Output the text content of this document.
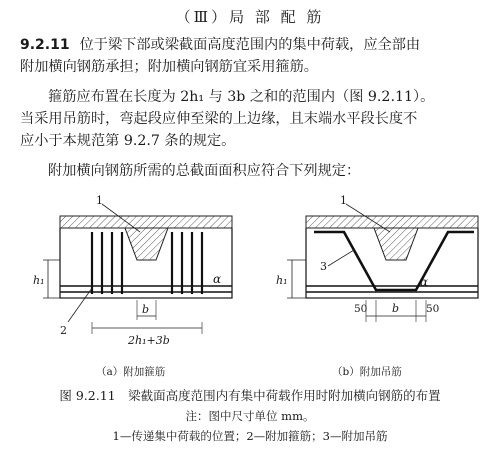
（Ⅲ）局 部 配 筋
9.2.11 位于梁下部或梁截面高度范围内的集中荷载，应全部由
附加横向钢筋承担；附加横向钢筋宜采用箍筋。
箍筋应布置在长度为 2h₁ 与 3b 之和的范围内（图 9.2.11）。
当采用吊筋时，弯起段应伸至梁的上边缘，且末端水平段长度不
应小于本规范第 9.2.7 条的规定。
附加横向钢筋所需的总截面面积应符合下列规定：
1
2
α
h₁
b
2h₁+3b
1
3
α
h₁
50 b	50
（a）附加箍筋	（b）附加吊筋
图 9.2.11　梁截面高度范围内有集中荷载作用时附加横向钢筋的布置
注：图中尺寸单位 mm。
1—传递集中荷载的位置；2—附加箍筋；3—附加吊筋
